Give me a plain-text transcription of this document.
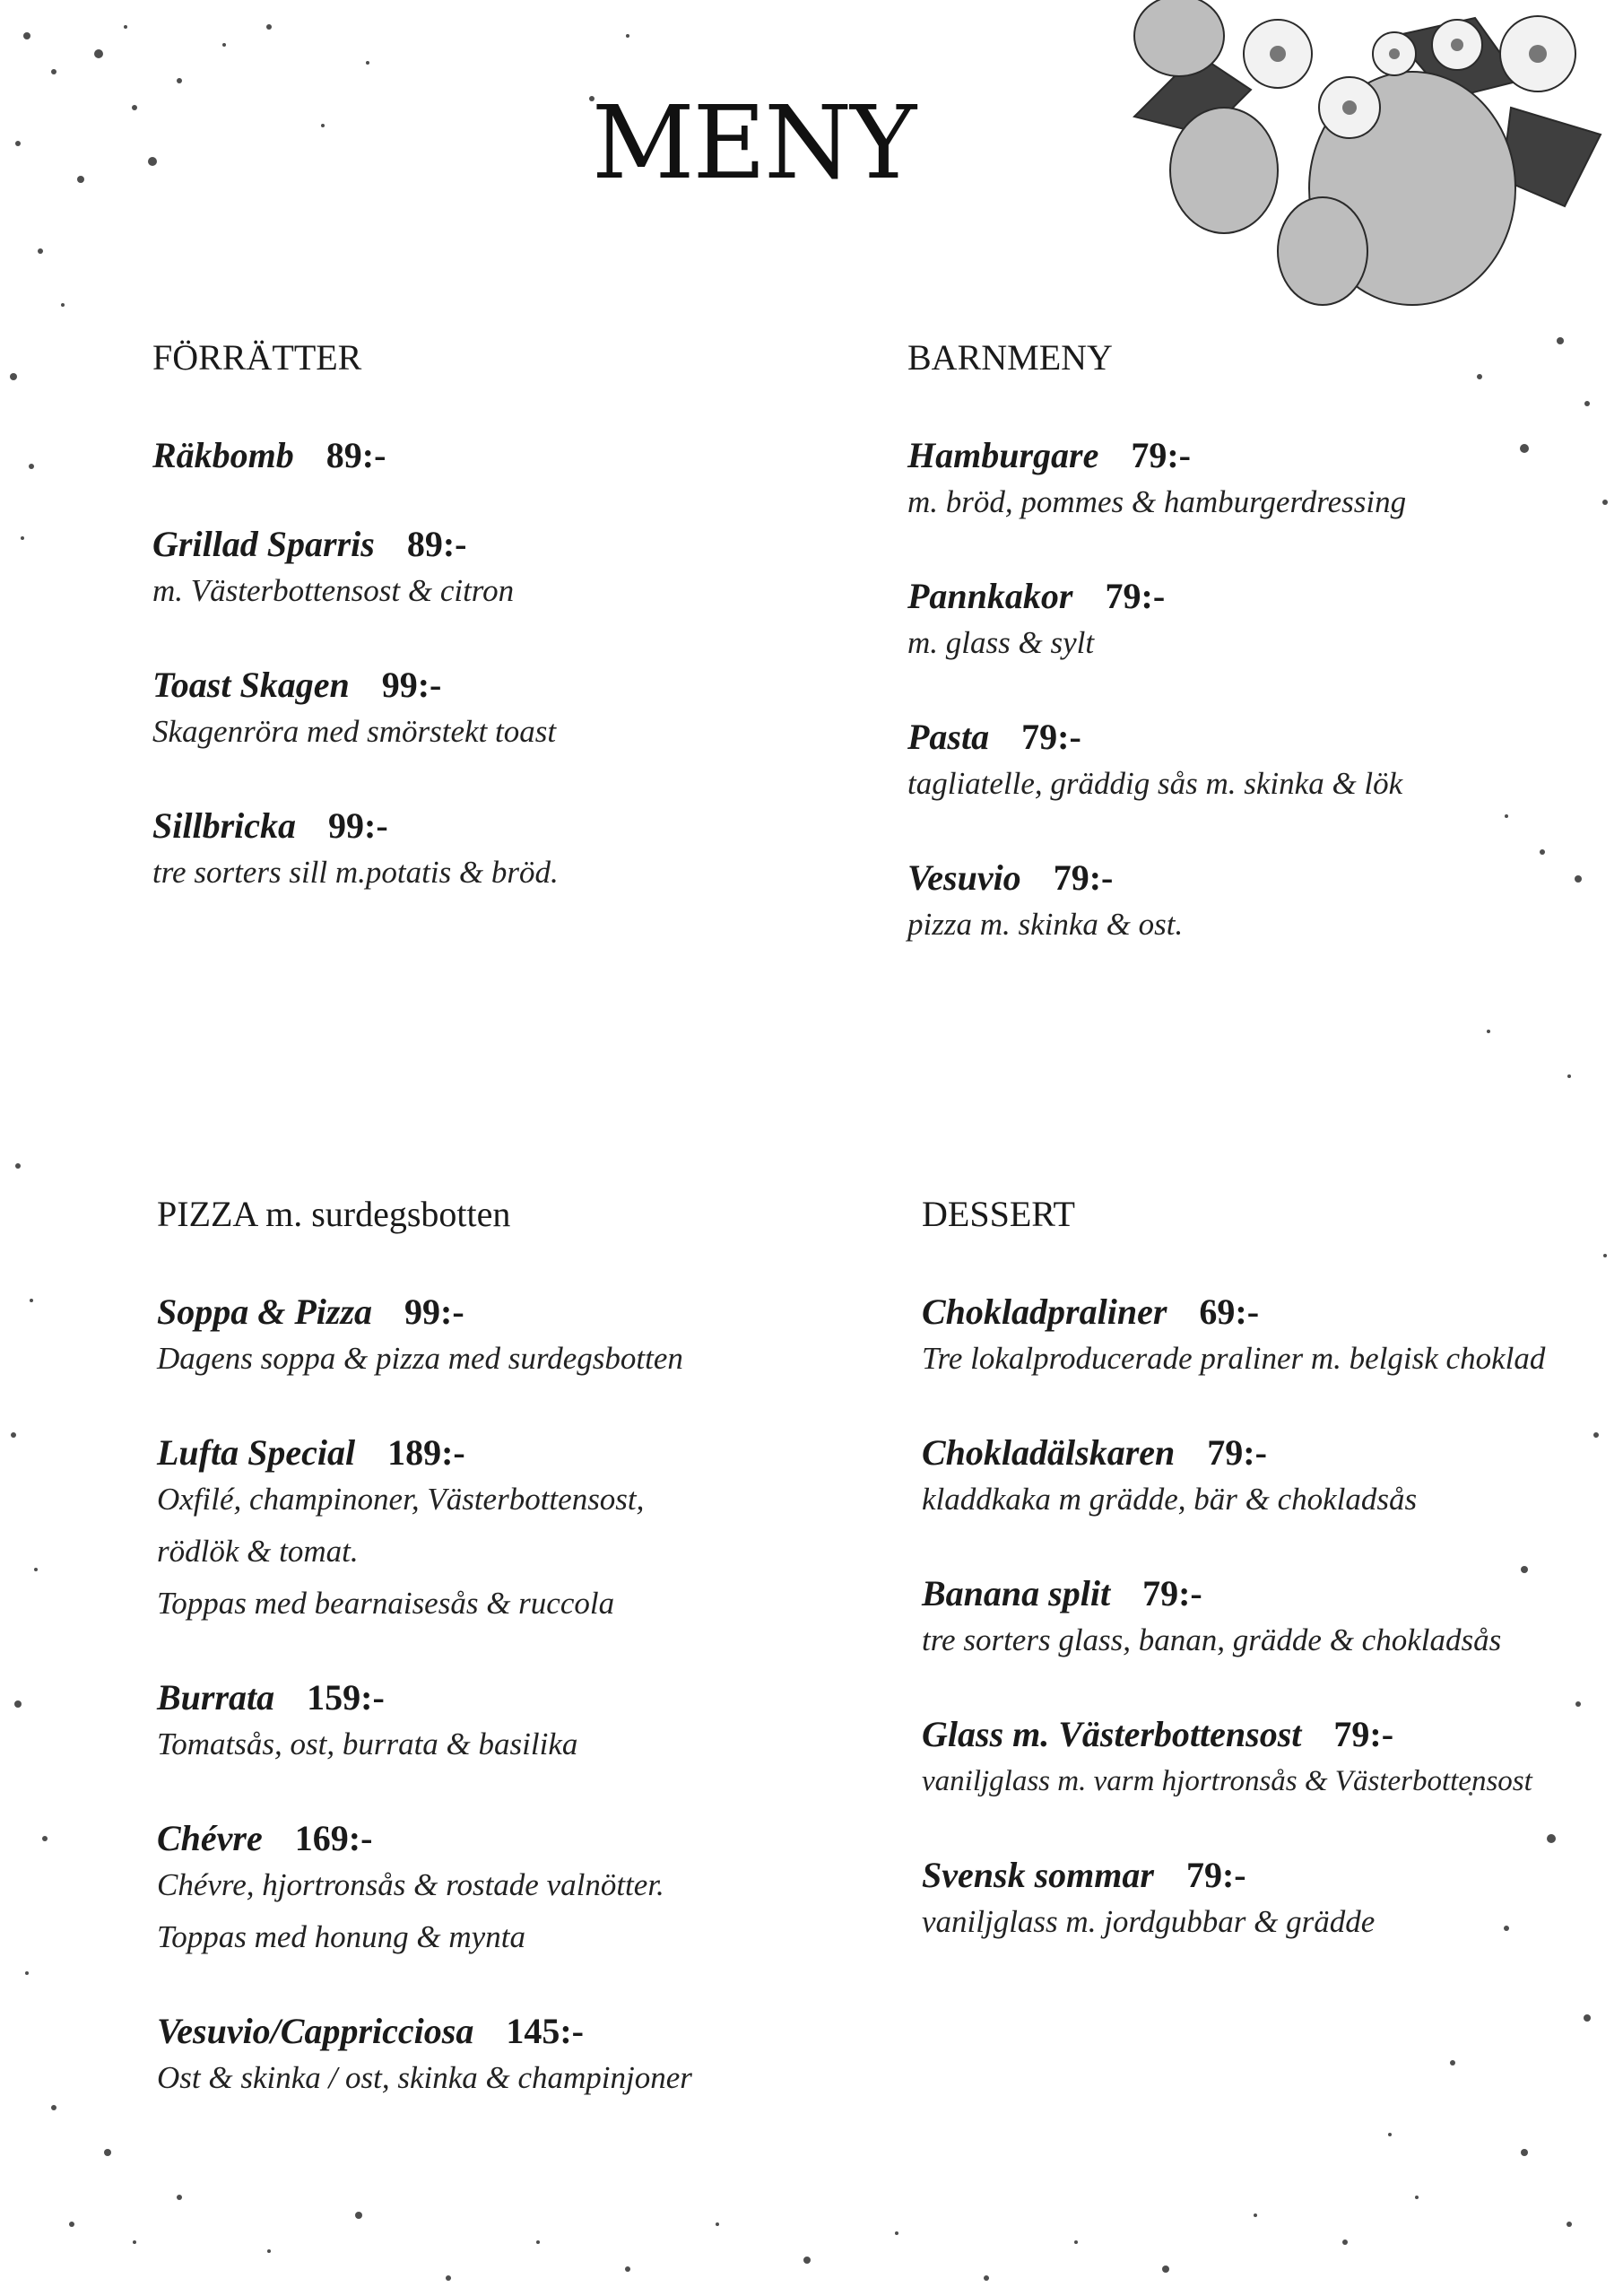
MENY
FÖRRÄTTER
Räkbomb 89:-
Grillad Sparris 89:-
m. Västerbottensost & citron
Toast Skagen 99:-
Skagenröra med smörstekt toast
Sillbricka 99:-
tre sorters sill m.potatis & bröd.
BARNMENY
Hamburgare 79:-
m. bröd, pommes & hamburgerdressing
Pannkakor 79:-
m. glass & sylt
Pasta 79:-
tagliatelle, gräddig sås m. skinka & lök
Vesuvio 79:-
pizza m. skinka & ost.
PIZZA m. surdegsbotten
Soppa & Pizza 99:-
Dagens soppa & pizza med surdegsbotten
Lufta Special 189:-
Oxfilé, champinoner, Västerbottensost,
rödlök & tomat.
Toppas med bearnaisesås & ruccola
Burrata 159:-
Tomatsås, ost, burrata & basilika
Chévre 169:-
Chévre, hjortronsås & rostade valnötter.
Toppas med honung & mynta
Vesuvio/Cappricciosa 145:-
Ost & skinka / ost, skinka & champinjoner
DESSERT
Chokladpraliner 69:-
Tre lokalproducerade praliner m. belgisk choklad
Chokladälskaren 79:-
kladdkaka m grädde, bär & chokladsås
Banana split 79:-
tre sorters glass, banan, grädde & chokladsås
Glass m. Västerbottensost 79:-
vaniljglass m. varm hjortronsås & Västerbottensost
Svensk sommar 79:-
vaniljglass m. jordgubbar & grädde
